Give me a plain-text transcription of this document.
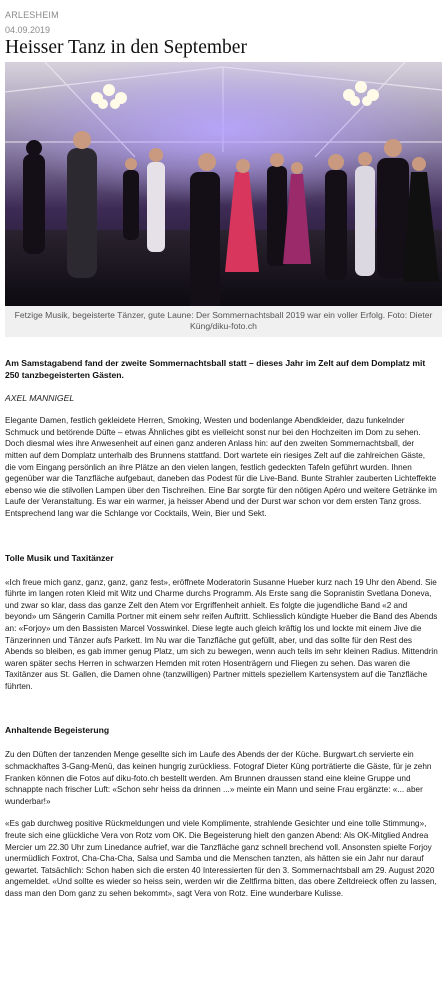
ARLESHEIM
04.09.2019
Heisser Tanz in den September
Fetzige Musik, begeisterte Tänzer, gute Laune: Der Sommernachtsball 2019 war ein voller Erfolg. Foto: Dieter Küng/diku-foto.ch

Am Samstagabend fand der zweite Sommernachtsball statt – dieses Jahr im Zelt auf dem Domplatz mit 250 tanzbegeisterten Gästen.

AXEL MANNIGEL

Elegante Damen, festlich gekleidete Herren, Smoking, Westen und bodenlange Abendkleider, dazu funkelnder Schmuck und betörende Düfte – etwas Ähnliches gibt es vielleicht sonst nur bei den Hochzeiten im Dom zu sehen. Doch diesmal wies ihre Anwesenheit auf einen ganz anderen Anlass hin: auf den zweiten Sommernachtsball, der mitten auf dem Domplatz unterhalb des Brunnens stattfand. Dort wartete ein riesiges Zelt auf die zahlreichen Gäste, die vom Eingang persönlich an ihre Plätze an den vielen langen, festlich gedeckten Tafeln geführt wurden. Ihnen gegenüber war die Tanzfläche aufgebaut, daneben das Podest für die Live-Band. Bunte Strahler zauberten Lichteffekte ebenso wie die stilvollen Lampen über den Tischreihen. Eine Bar sorgte für den nötigen Apéro und weitere Getränke im Laufe der Veranstaltung. Es war ein warmer, ja heisser Abend und der Durst war schon vor dem ersten Tanz gross. Entsprechend lang war die Schlange vor Cocktails, Wein, Bier und Sekt.

Tolle Musik und Taxitänzer

«Ich freue mich ganz, ganz, ganz, ganz fest», eröffnete Moderatorin Susanne Hueber kurz nach 19 Uhr den Abend. Sie führte im langen roten Kleid mit Witz und Charme durchs Programm. Als Erste sang die Sopranistin Svetlana Doneva, und zwar so klar, dass das ganze Zelt den Atem vor Ergriffenheit anhielt. Es folgte die jugendliche Band «2 and beyond» um Sängerin Camilla Portner mit einem sehr reifen Auftritt. Schliesslich kündigte Hueber die Band des Abends an: «Forjoy» um den Bassisten Marcel Vosswinkel. Diese legte auch gleich kräftig los und lockte mit einem Jive die Tänzerinnen und Tänzer aufs Parkett. Im Nu war die Tanzfläche gut gefüllt, aber, und das sollte für den Rest des Abends so bleiben, es gab immer genug Platz, um sich zu bewegen, wenn auch teils im sehr kleinen Radius. Mittendrin waren später sechs Herren in schwarzen Hemden mit roten Hosenträgern und Fliegen zu sehen. Das waren die Taxitänzer aus St. Gallen, die Damen ohne (tanzwilligen) Partner mittels speziellem Kartensystem auf die Tanzfläche führten.

Anhaltende Begeisterung

Zu den Düften der tanzenden Menge gesellte sich im Laufe des Abends der der Küche. Burgwart.ch servierte ein schmackhaftes 3-Gang-Menü, das keinen hungrig zurückliess. Fotograf Dieter Küng porträtierte die Gäste, für je zehn Franken können die Fotos auf diku-foto.ch bestellt werden. Am Brunnen draussen stand eine kleine Gruppe und schnappte nach frischer Luft: «Schon sehr heiss da drinnen ...» meinte ein Mann und seine Frau ergänzte: «... aber wunderbar!»

«Es gab durchweg positive Rückmeldungen und viele Komplimente, strahlende Gesichter und eine tolle Stimmung», freute sich eine glückliche Vera von Rotz vom OK. Die Begeisterung hielt den ganzen Abend: Als OK-Mitglied Andrea Mercier um 22.30 Uhr zum Linedance aufrief, war die Tanzfläche ganz schnell brechend voll. Ansonsten spielte Forjoy unermüdlich Foxtrot, Cha-Cha-Cha, Salsa und Samba und die Menschen tanzten, als hätten sie ein Jahr nur darauf gewartet. Tatsächlich: Schon haben sich die ersten 40 Interessierten für den 3. Sommernachtsball am 29. August 2020 angemeldet. «Und sollte es wieder so heiss sein, werden wir die Zeltfirma bitten, das obere Zeltdreieck offen zu lassen, dass man den Dom ganz zu sehen bekommt», sagt Vera von Rotz. Eine wunderbare Kulisse.
